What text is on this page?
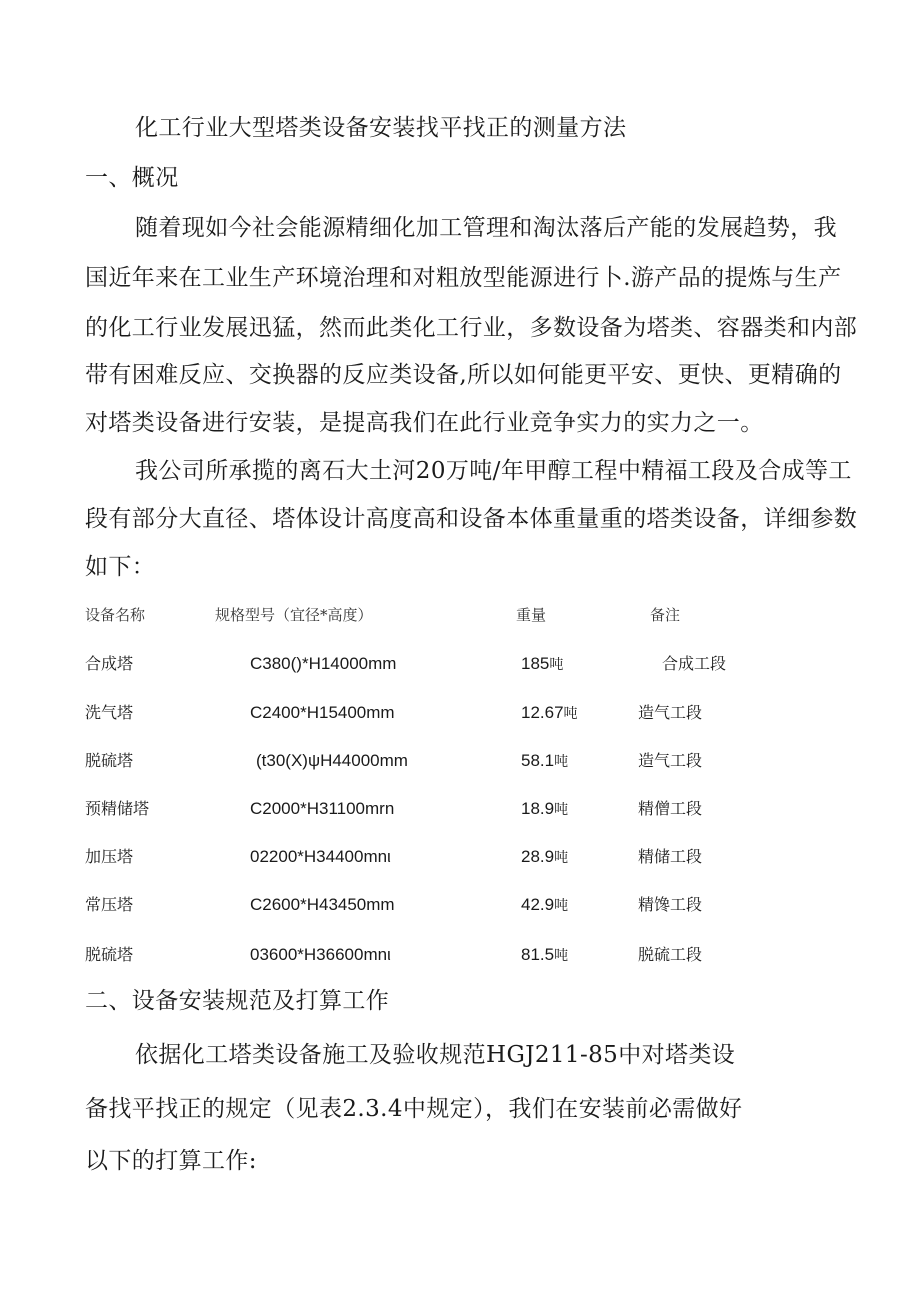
化工行业大型塔类设备安装找平找正的测量方法
一、概况
随着现如今社会能源精细化加工管理和淘汰落后产能的发展趋势，我
国近年来在工业生产环境治理和对粗放型能源进行卜.游产品的提炼与生产
的化工行业发展迅猛，然而此类化工行业，多数设备为塔类、容器类和内部
带有困难反应、交换器的反应类设备,所以如何能更平安、更快、更精确的
对塔类设备进行安装，是提高我们在此行业竞争实力的实力之一。
我公司所承揽的离石大土河20万吨/年甲醇工程中精福工段及合成等工
段有部分大直径、塔体设计高度高和设备本体重量重的塔类设备，详细参数
如下：
设备名称	规格型号（宜径*高度）	重量	备注
合成塔	C380()*H14000mm	185吨	合成工段
洗气塔	C2400*H15400mm	12.67吨	造气工段
脱硫塔	(t30(X)ψH44000mm	58.1吨	造气工段
预精储塔	C2000*H31100mrn	18.9吨	精僧工段
加压塔	02200*H34400mnι	28.9吨	精储工段
常压塔	C2600*H43450mm	42.9吨	精馋工段
脱硫塔	03600*H36600mnι	81.5吨	脱硫工段
二、设备安装规范及打算工作
依据化工塔类设备施工及验收规范HGJ211-85中对塔类设
备找平找正的规定（见表2.3.4中规定），我们在安装前必需做好
以下的打算工作:
